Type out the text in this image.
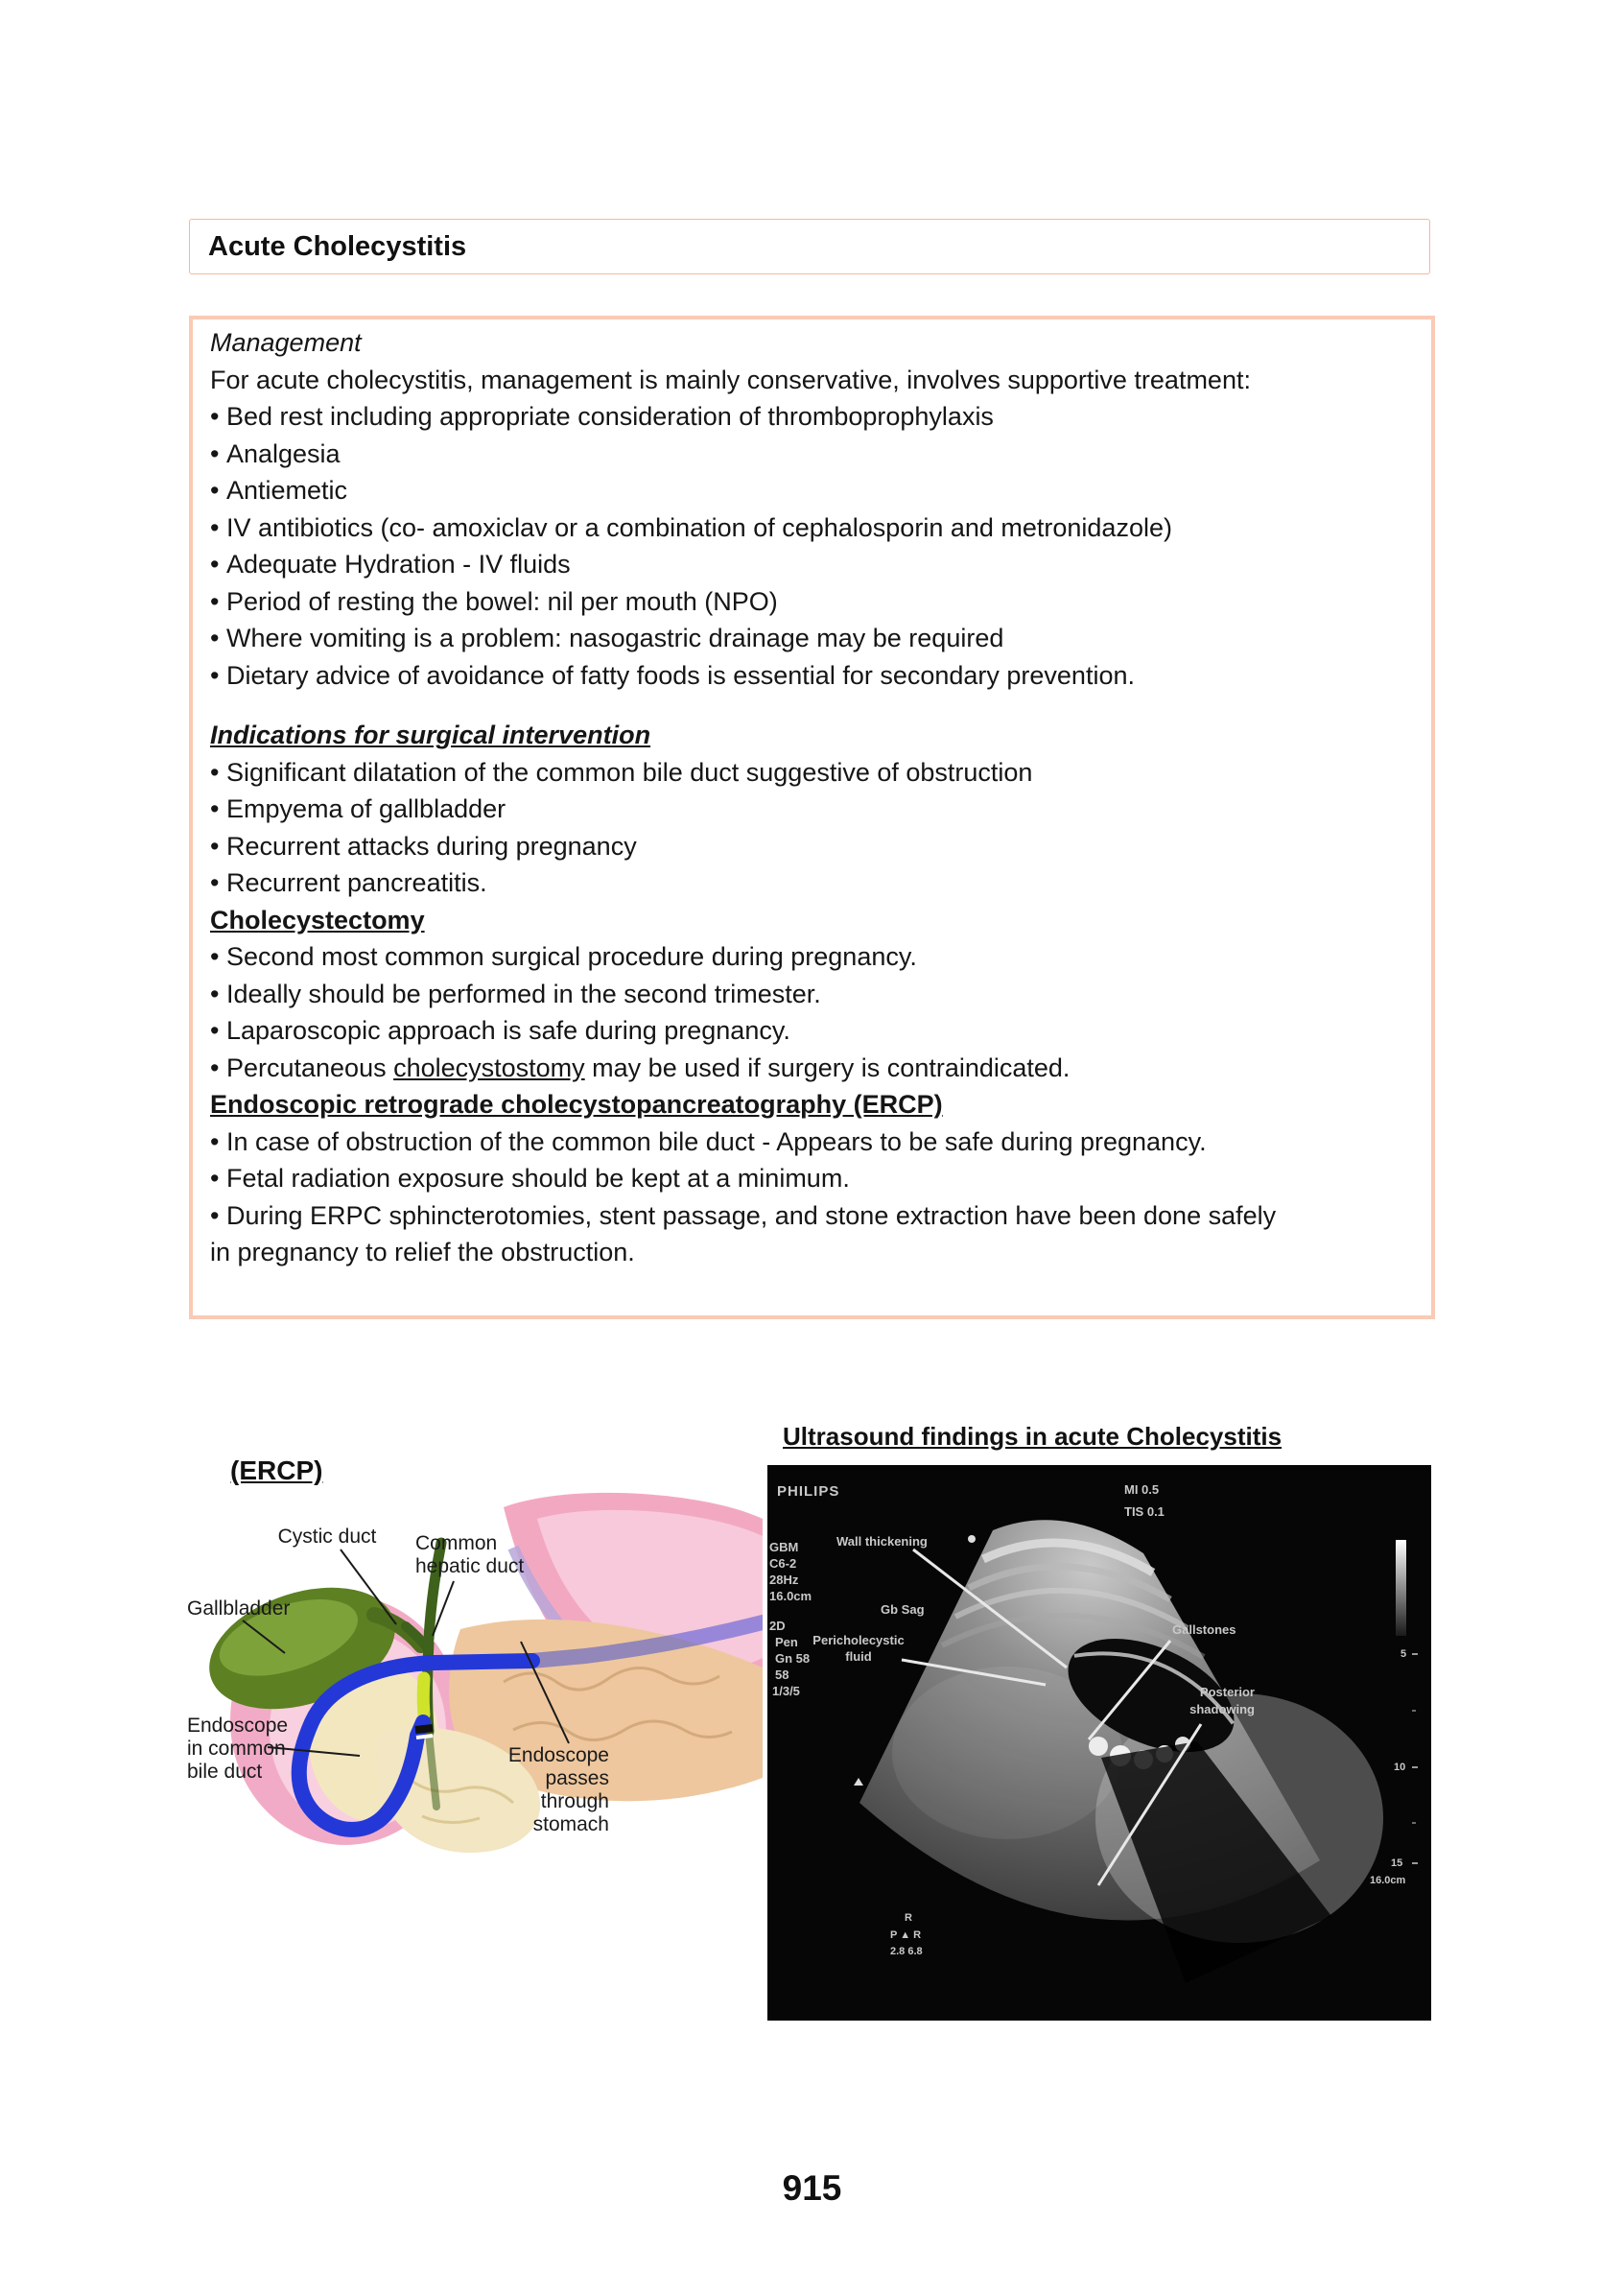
Acute Cholecystitis
Management
For acute cholecystitis, management is mainly conservative, involves supportive treatment:
• Bed rest including appropriate consideration of thromboprophylaxis
• Analgesia
• Antiemetic
• IV antibiotics (co- amoxiclav or a combination of cephalosporin and metronidazole)
• Adequate Hydration - IV fluids
• Period of resting the bowel: nil per mouth (NPO)
• Where vomiting is a problem: nasogastric drainage may be required
• Dietary advice of avoidance of fatty foods is essential for secondary prevention.
Indications for surgical intervention
• Significant dilatation of the common bile duct suggestive of obstruction
• Empyema of gallbladder
• Recurrent attacks during pregnancy
• Recurrent pancreatitis.
Cholecystectomy
• Second most common surgical procedure during pregnancy.
• Ideally should be performed in the second trimester.
• Laparoscopic approach is safe during pregnancy.
• Percutaneous cholecystostomy may be used if surgery is contraindicated.
Endoscopic retrograde cholecystopancreatography (ERCP)
• In case of obstruction of the common bile duct - Appears to be safe during pregnancy.
• Fetal radiation exposure should be kept at a minimum.
• During ERPC sphincterotomies, stent passage, and stone extraction have been done safely
in pregnancy to relief the obstruction.
Ultrasound findings in acute Cholecystitis
(ERCP)
Cystic duct Common
hepatic duct
Gallbladder
Endoscope
in common
bile duct
Endoscope
passes
through
stomach
PHILIPS	MI 0.5
TIS 0.1
GBM
C6-2
28Hz
16.0cm
2D
Pen
Gn 58
58
1/3/5
Wall thickening
Gb Sag
Pericholecystic
fluid
Gallstones
Posterior
shadowing
5
10
15
16.0cm
R
P ▲ R
2.8 6.8
915
